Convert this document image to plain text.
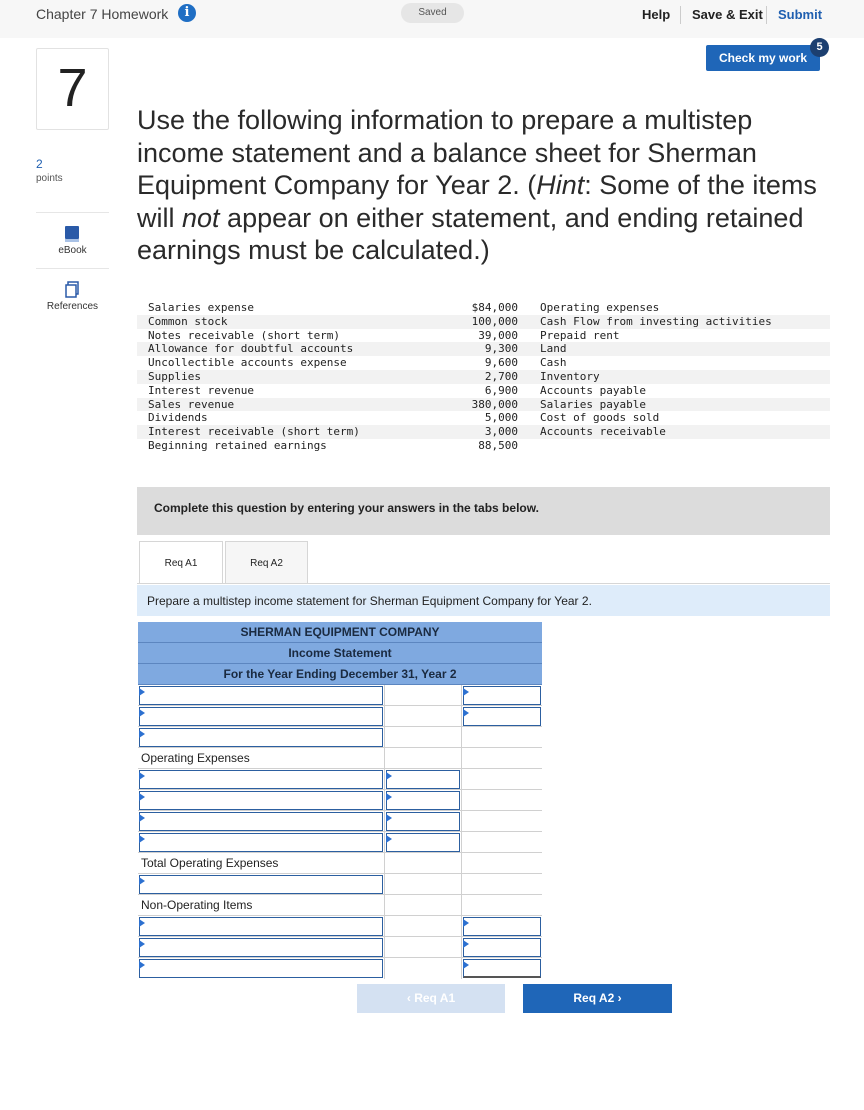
Chapter 7 Homework	i	Saved	Help Save & Exit Submit
Check my work
5
7
2
points
eBook
References
Use the following information to prepare a multistep income statement and a balance sheet for Sherman Equipment Company for Year 2. (Hint: Some of the items will not appear on either statement, and ending retained earnings must be calculated.)
Salaries expense	$84,000 Operating expenses
Common stock	100,000 Cash Flow from investing activities
Notes receivable (short term)	39,000 Prepaid rent
Allowance for doubtful accounts	9,300 Land
Uncollectible accounts expense	9,600 Cash
Supplies	2,700 Inventory
Interest revenue	6,900 Accounts payable
Sales revenue	380,000 Salaries payable
Dividends	5,000 Cost of goods sold
Interest receivable (short term)	3,000 Accounts receivable
Beginning retained earnings	88,500
Complete this question by entering your answers in the tabs below.
Req A1	Req A2
Prepare a multistep income statement for Sherman Equipment Company for Year 2.
SHERMAN EQUIPMENT COMPANY
Income Statement
For the Year Ending December 31, Year 2
Operating Expenses
Total Operating Expenses
Non-Operating Items
‹ Req A1	Req A2 ›
